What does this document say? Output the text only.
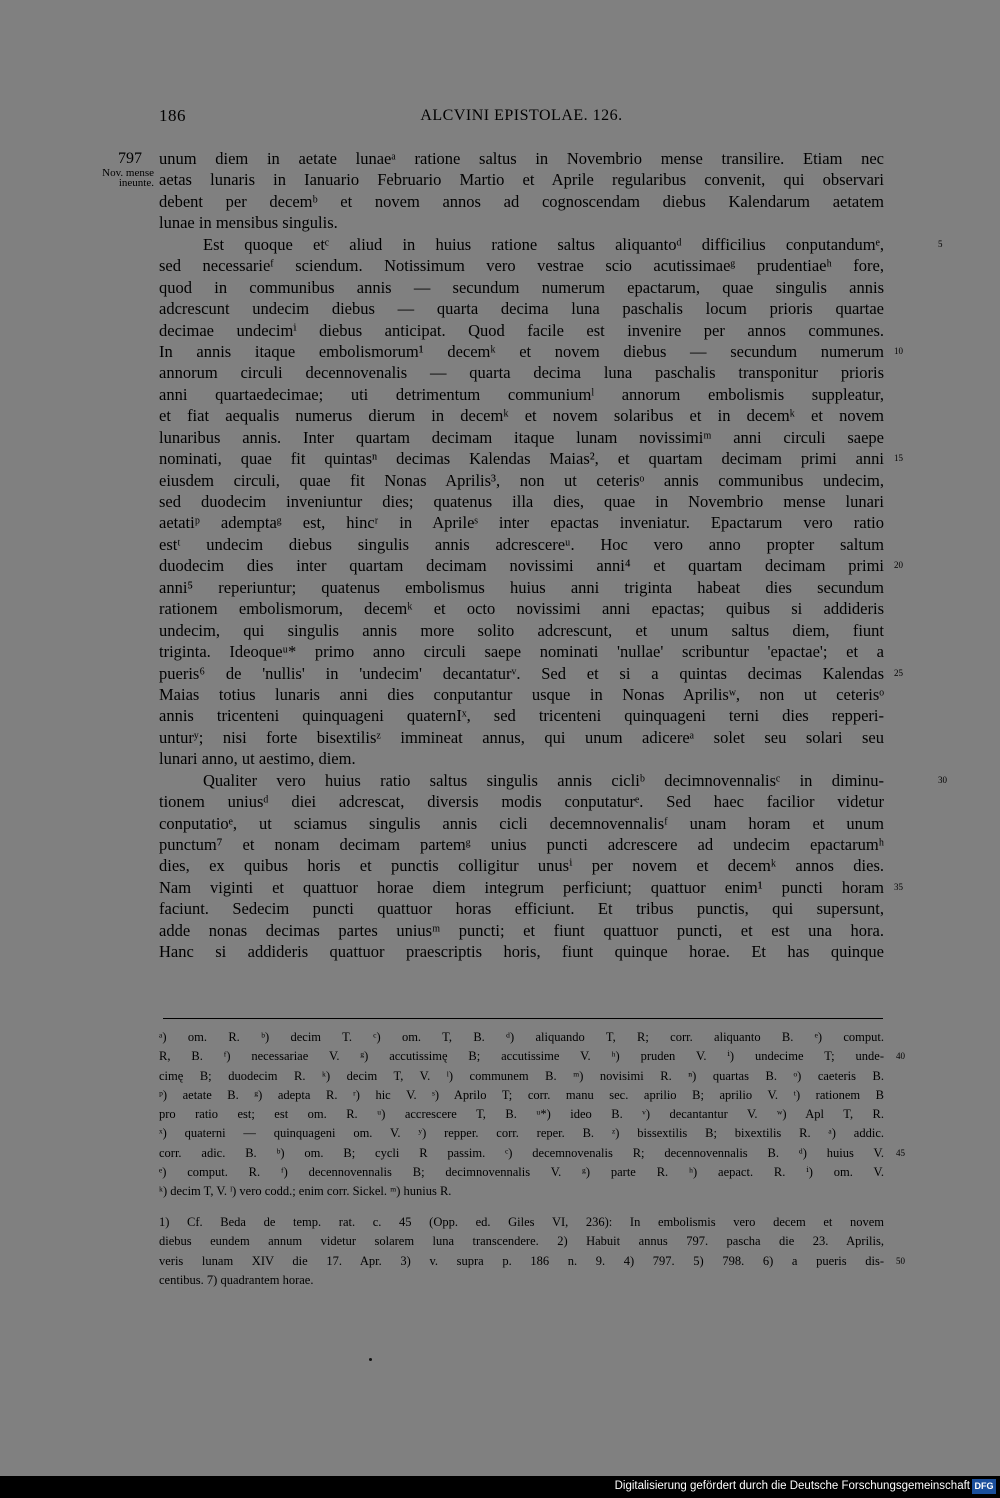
186	ALCVINI EPISTOLAE. 126.
797
Nov. mense ineunte.
unum diem in aetate lunaeᵃ ratione saltus in Novembrio mense transilire. Etiam nec
aetas lunaris in Ianuario Februario Martio et Aprile regularibus convenit, qui observari
debent per decemᵇ et novem annos ad cognoscendam diebus Kalendarum aetatem
lunae in mensibus singulis.
Est quoque etᶜ aliud in huius ratione saltus aliquantoᵈ difficilius conputandumᵉ,	5
sed necessarieᶠ sciendum. Notissimum vero vestrae scio acutissimaeᵍ prudentiaeʰ fore,
quod in communibus annis — secundum numerum epactarum, quae singulis annis
adcrescunt undecim diebus — quarta decima luna paschalis locum prioris quartae
decimae undecimⁱ diebus anticipat. Quod facile est invenire per annos communes.
In annis itaque embolismorum¹ decemᵏ et novem diebus — secundum numerum 10
annorum circuli decennovenalis — quarta decima luna paschalis transponitur prioris
anni quartaedecimae; uti detrimentum communiumˡ annorum embolismis suppleatur,
et fiat aequalis numerus dierum in decemᵏ et novem solaribus et in decemᵏ et novem
lunaribus annis. Inter quartam decimam itaque lunam novissimiᵐ anni circuli saepe
nominati, quae fit quintasⁿ decimas Kalendas Maias², et quartam decimam primi anni 15
eiusdem circuli, quae fit Nonas Aprilis³, non ut ceterisᵒ annis communibus undecim,
sed duodecim inveniuntur dies; quatenus illa dies, quae in Novembrio mense lunari
aetatiᵖ ademptaᵍ est, hincʳ in Aprileˢ inter epactas inveniatur. Epactarum vero ratio
estᵗ undecim diebus singulis annis adcrescereᵘ. Hoc vero anno propter saltum
duodecim dies inter quartam decimam novissimi anni⁴ et quartam decimam primi 20
anni⁵ reperiuntur; quatenus embolismus huius anni triginta habeat dies secundum
rationem embolismorum, decemᵏ et octo novissimi anni epactas; quibus si addideris
undecim, qui singulis annis more solito adcrescunt, et unum saltus diem, fiunt
triginta. Ideoqueᵘ* primo anno circuli saepe nominati 'nullae' scribuntur 'epactae'; et a
pueris⁶ de 'nullis' in 'undecim' decantaturᵛ. Sed et si a quintas decimas Kalendas 25
Maias totius lunaris anni dies conputantur usque in Nonas Aprilisʷ, non ut ceterisᵒ
annis tricenteni quinquageni quaternIˣ, sed tricenteni quinquageni terni dies repperi-
unturʸ; nisi forte bisextilisᶻ immineat annus, qui unum adicereᵃ solet seu solari seu
lunari anno, ut aestimo, diem.
Qualiter vero huius ratio saltus singulis annis cicliᵇ decimnovennalisᶜ in diminu-	30
tionem uniusᵈ diei adcrescat, diversis modis conputaturᵉ. Sed haec facilior videtur
conputatioᵉ, ut sciamus singulis annis cicli decemnovennalisᶠ unam horam et unum
punctum⁷ et nonam decimam partemᵍ unius puncti adcrescere ad undecim epactarumʰ
dies, ex quibus horis et punctis colligitur unusⁱ per novem et decemᵏ annos dies.
Nam viginti et quattuor horae diem integrum perficiunt; quattuor enim¹ puncti horam 35
faciunt. Sedecim puncti quattuor horas efficiunt. Et tribus punctis, qui supersunt,
adde nonas decimas partes uniusᵐ puncti; et fiunt quattuor puncti, et est una hora.
Hanc si addideris quattuor praescriptis horis, fiunt quinque horae. Et has quinque
ᵃ) om. R. ᵇ) decim T. ᶜ) om. T, B. ᵈ) aliquando T, R; corr. aliquanto B. ᵉ) comput.
R, B. ᶠ) necessariae V. ᵍ) accutissimę B; accutissime V. ʰ) pruden V. ⁱ) undecime T; unde- 40
cimę B; duodecim R. ᵏ) decim T, V. ˡ) communem B. ᵐ) novisimi R. ⁿ) quartas B. ᵒ) caeteris B.
ᵖ) aetate B. ᵍ) adepta R. ʳ) hic V. ˢ) Aprilo T; corr. manu sec. aprilio B; aprilio V. ᵗ) rationem B
pro ratio est; est om. R. ᵘ) accrescere T, B. ᵘ*) ideo B. ᵛ) decantantur V. ʷ) Apl T, R.
ˣ) quaterni — quinquageni om. V. ʸ) repper. corr. reper. B. ᶻ) bissextilis B; bixextilis R. ᵃ) addic.
corr. adic. B. ᵇ) om. B; cycli R passim. ᶜ) decemnovenalis R; decennovennalis B. ᵈ) huius V. 45
ᵉ) comput. R. ᶠ) decennovennalis B; decimnovennalis V. ᵍ) parte R. ʰ) aepact. R. ⁱ) om. V.
ᵏ) decim T, V. ˡ) vero codd.; enim corr. Sickel. ᵐ) hunius R.
1) Cf. Beda de temp. rat. c. 45 (Opp. ed. Giles VI, 236): In embolismis vero decem et novem
diebus eundem annum videtur solarem luna transcendere. 2) Habuit annus 797. pascha die 23. Aprilis,
veris lunam XIV die 17. Apr. 3) v. supra p. 186 n. 9. 4) 797. 5) 798. 6) a pueris dis- 50
centibus. 7) quadrantem horae.
Digitalisierung gefördert durch die Deutsche Forschungsgemeinschaft DFG
